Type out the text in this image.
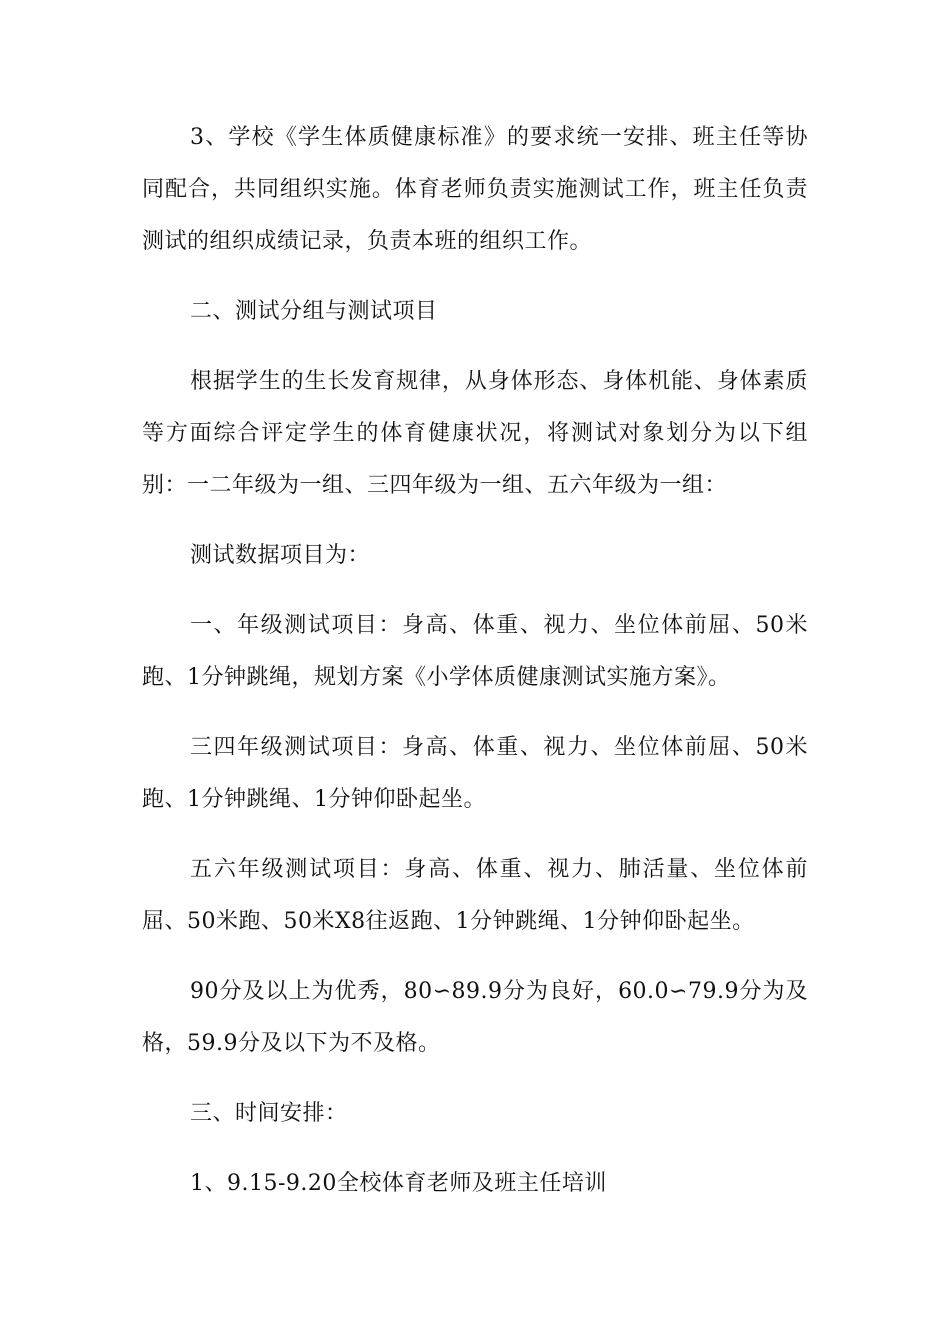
3、学校《学生体质健康标准》的要求统一安排、班主任等协同配合，共同组织实施。体育老师负责实施测试工作，班主任负责测试的组织成绩记录，负责本班的组织工作。

二、测试分组与测试项目

根据学生的生长发育规律，从身体形态、身体机能、身体素质等方面综合评定学生的体育健康状况，将测试对象划分为以下组别：一二年级为一组、三四年级为一组、五六年级为一组：

测试数据项目为：

一、年级测试项目：身高、体重、视力、坐位体前屈、50米跑、1分钟跳绳，规划方案《小学体质健康测试实施方案》。

三四年级测试项目：身高、体重、视力、坐位体前屈、50米跑、1分钟跳绳、1分钟仰卧起坐。

五六年级测试项目：身高、体重、视力、肺活量、坐位体前屈、50米跑、50米X8往返跑、1分钟跳绳、1分钟仰卧起坐。

90分及以上为优秀，80∽89.9分为良好，60.0∽79.9分为及格，59.9分及以下为不及格。

三、时间安排：

1、9.15-9.20全校体育老师及班主任培训
